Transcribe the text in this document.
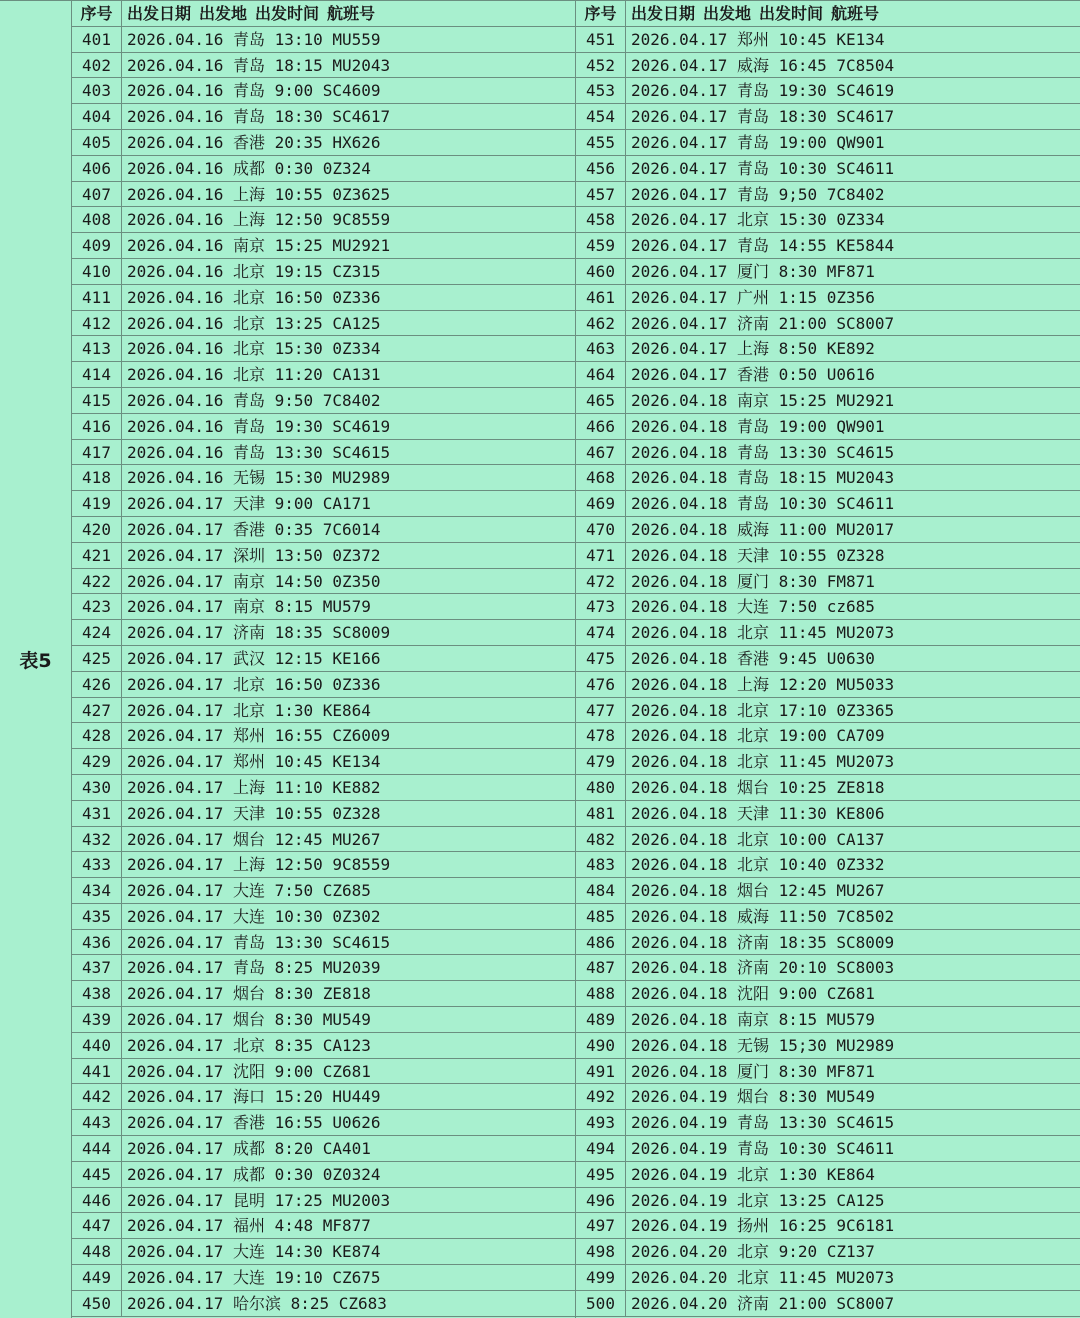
表5
序号 出发日期 出发地 出发时间 航班号
401	2026.04.16 青岛 13:10 MU559
402	2026.04.16 青岛 18:15 MU2043
403	2026.04.16 青岛 9:00 SC4609
404	2026.04.16 青岛 18:30 SC4617
405	2026.04.16 香港 20:35 HX626
406	2026.04.16 成都 0:30 0Z324
407	2026.04.16 上海 10:55 0Z3625
408	2026.04.16 上海 12:50 9C8559
409	2026.04.16 南京 15:25 MU2921
410	2026.04.16 北京 19:15 CZ315
411	2026.04.16 北京 16:50 0Z336
412	2026.04.16 北京 13:25 CA125
413	2026.04.16 北京 15:30 0Z334
414	2026.04.16 北京 11:20 CA131
415	2026.04.16 青岛 9:50 7C8402
416	2026.04.16 青岛 19:30 SC4619
417	2026.04.16 青岛 13:30 SC4615
418	2026.04.16 无锡 15:30 MU2989
419	2026.04.17 天津 9:00 CA171
420	2026.04.17 香港 0:35 7C6014
421	2026.04.17 深圳 13:50 0Z372
422	2026.04.17 南京 14:50 0Z350
423	2026.04.17 南京 8:15 MU579
424	2026.04.17 济南 18:35 SC8009
425	2026.04.17 武汉 12:15 KE166
426	2026.04.17 北京 16:50 0Z336
427	2026.04.17 北京 1:30 KE864
428	2026.04.17 郑州 16:55 CZ6009
429	2026.04.17 郑州 10:45 KE134
430	2026.04.17 上海 11:10 KE882
431	2026.04.17 天津 10:55 0Z328
432	2026.04.17 烟台 12:45 MU267
433	2026.04.17 上海 12:50 9C8559
434	2026.04.17 大连 7:50 CZ685
435	2026.04.17 大连 10:30 0Z302
436	2026.04.17 青岛 13:30 SC4615
437	2026.04.17 青岛 8:25 MU2039
438	2026.04.17 烟台 8:30 ZE818
439	2026.04.17 烟台 8:30 MU549
440	2026.04.17 北京 8:35 CA123
441	2026.04.17 沈阳 9:00 CZ681
442	2026.04.17 海口 15:20 HU449
443	2026.04.17 香港 16:55 U0626
444	2026.04.17 成都 8:20 CA401
445	2026.04.17 成都 0:30 0Z0324
446	2026.04.17 昆明 17:25 MU2003
447	2026.04.17 福州 4:48 MF877
448	2026.04.17 大连 14:30 KE874
449	2026.04.17 大连 19:10 CZ675
450	2026.04.17 哈尔滨 8:25 CZ683
序号 出发日期 出发地 出发时间 航班号
451	2026.04.17 郑州 10:45 KE134
452	2026.04.17 威海 16:45 7C8504
453	2026.04.17 青岛 19:30 SC4619
454	2026.04.17 青岛 18:30 SC4617
455	2026.04.17 青岛 19:00 QW901
456	2026.04.17 青岛 10:30 SC4611
457	2026.04.17 青岛 9;50 7C8402
458	2026.04.17 北京 15:30 0Z334
459	2026.04.17 青岛 14:55 KE5844
460	2026.04.17 厦门 8:30 MF871
461	2026.04.17 广州 1:15 0Z356
462	2026.04.17 济南 21:00 SC8007
463	2026.04.17 上海 8:50 KE892
464	2026.04.17 香港 0:50 U0616
465	2026.04.18 南京 15:25 MU2921
466	2026.04.18 青岛 19:00 QW901
467	2026.04.18 青岛 13:30 SC4615
468	2026.04.18 青岛 18:15 MU2043
469	2026.04.18 青岛 10:30 SC4611
470	2026.04.18 威海 11:00 MU2017
471	2026.04.18 天津 10:55 0Z328
472	2026.04.18 厦门 8:30 FM871
473	2026.04.18 大连 7:50 cz685
474	2026.04.18 北京 11:45 MU2073
475	2026.04.18 香港 9:45 U0630
476	2026.04.18 上海 12:20 MU5033
477	2026.04.18 北京 17:10 0Z3365
478	2026.04.18 北京 19:00 CA709
479	2026.04.18 北京 11:45 MU2073
480	2026.04.18 烟台 10:25 ZE818
481	2026.04.18 天津 11:30 KE806
482	2026.04.18 北京 10:00 CA137
483	2026.04.18 北京 10:40 0Z332
484	2026.04.18 烟台 12:45 MU267
485	2026.04.18 威海 11:50 7C8502
486	2026.04.18 济南 18:35 SC8009
487	2026.04.18 济南 20:10 SC8003
488	2026.04.18 沈阳 9:00 CZ681
489	2026.04.18 南京 8:15 MU579
490	2026.04.18 无锡 15;30 MU2989
491	2026.04.18 厦门 8:30 MF871
492	2026.04.19 烟台 8:30 MU549
493	2026.04.19 青岛 13:30 SC4615
494	2026.04.19 青岛 10:30 SC4611
495	2026.04.19 北京 1:30 KE864
496	2026.04.19 北京 13:25 CA125
497	2026.04.19 扬州 16:25 9C6181
498	2026.04.20 北京 9:20 CZ137
499	2026.04.20 北京 11:45 MU2073
500	2026.04.20 济南 21:00 SC8007
